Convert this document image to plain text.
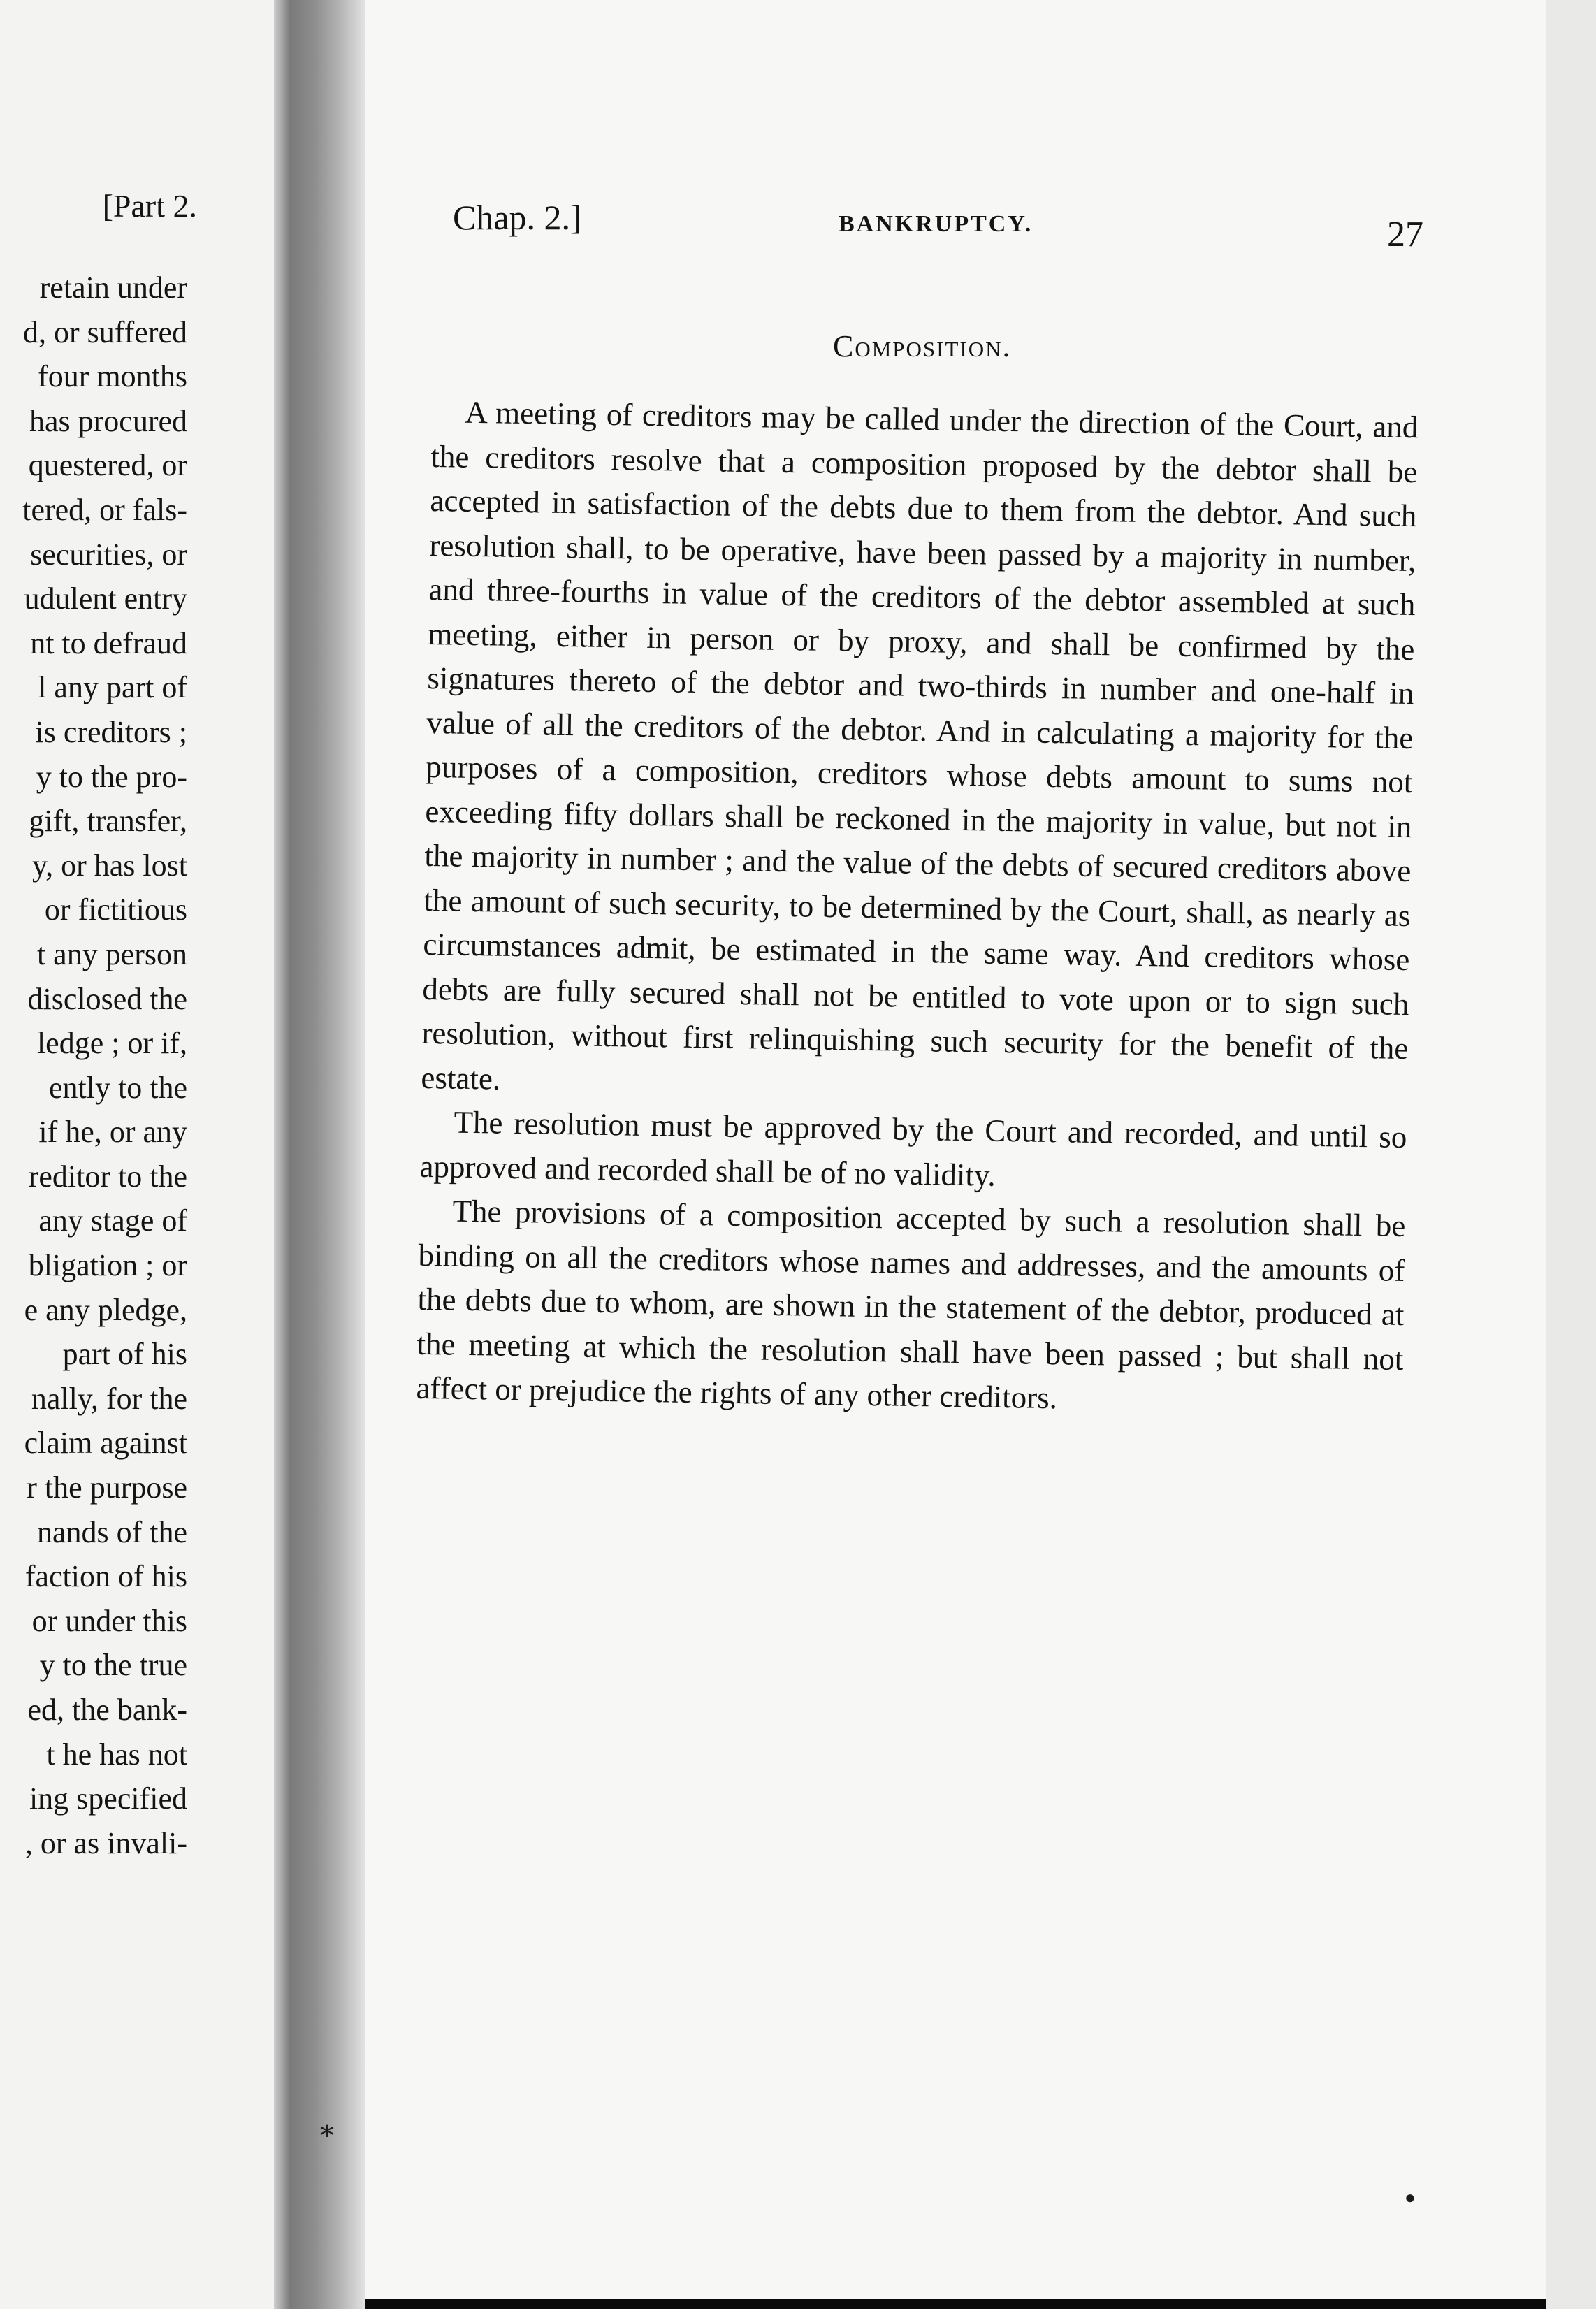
[Part 2.
retain under
d, or suffered
four months
has procured
questered, or
tered, or fals-
securities, or
udulent entry
nt to defraud
l any part of
is creditors ;
y to the pro-
gift, transfer,
y, or has lost
or fictitious
t any person
disclosed the
ledge ; or if,
ently to the
if he, or any
reditor to the
any stage of
bligation ; or
e any pledge,
part of his
nally, for the
claim against
r the purpose
nands of the
faction of his
or under this
y to the true
ed, the bank-
t he has not
ing specified
, or as invali-
Chap. 2.]	BANKRUPTCY.	27
Composition.

A meeting of creditors may be called under the direction of the Court, and the creditors resolve that a composition proposed by the debtor shall be accepted in satisfaction of the debts due to them from the debtor. And such resolution shall, to be operative, have been passed by a majority in number, and three-fourths in value of the creditors of the debtor assembled at such meeting, either in person or by proxy, and shall be confirmed by the signatures thereto of the debtor and two-thirds in number and one-half in value of all the creditors of the debtor. And in calculating a majority for the purposes of a composition, creditors whose debts amount to sums not exceeding fifty dollars shall be reckoned in the majority in value, but not in the majority in number ; and the value of the debts of secured creditors above the amount of such security, to be determined by the Court, shall, as nearly as circumstances admit, be estimated in the same way. And creditors whose debts are fully secured shall not be entitled to vote upon or to sign such resolution, without first relinquishing such security for the benefit of the estate.

The resolution must be approved by the Court and recorded, and until so approved and recorded shall be of no validity.

The provisions of a composition accepted by such a resolution shall be binding on all the creditors whose names and addresses, and the amounts of the debts due to whom, are shown in the statement of the debtor, produced at the meeting at which the resolution shall have been passed ; but shall not affect or prejudice the rights of any other creditors.

⁎
●
